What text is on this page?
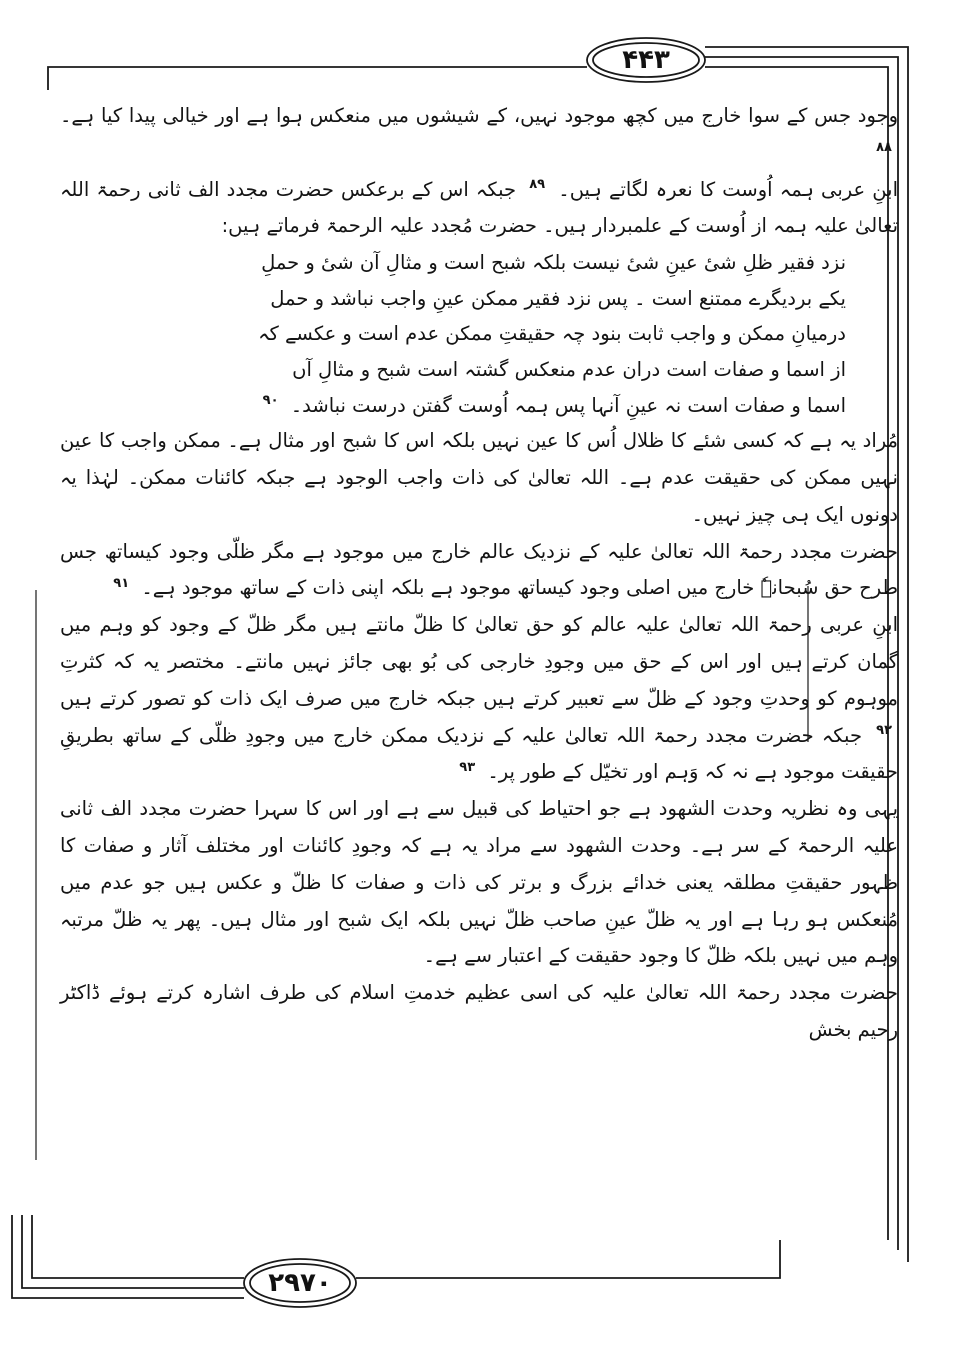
۴۴۳
۲۹۷۰

وجود جس کے سوا خارج میں کچھ موجود نہیں، کے شیشوں میں منعکس ہوا ہے اور خیالی پیدا کیا ہے۔ $^{۸۸}$

ابنِ عربی ہمہ اُوست کا نعرہ لگاتے ہیں۔ $^{۸۹}$ جبکہ اس کے برعکس حضرت مجدد الف ثانی رحمۃ اللہ تعالیٰ علیہ ہمہ از اُوست کے علمبردار ہیں۔ حضرت مُجدد علیہ الرحمۃ فرماتے ہیں:

نزد فقیر ظلِ شیٔ عینِ شیٔ نیست بلکہ شبح است و مثالِ آن شیٔ و حملِ

یکے بردیگرے ممتنع است ۔ پس نزد فقیر ممکن عینِ واجب نباشد و حمل

درمیانِ ممکن و واجب ثابت بنود چہ حقیقتِ ممکن عدم است و عکسے کہ

از اسما و صفات است دران عدم منعکس گشتہ است شبح و مثالِ آں

اسما و صفات است نہ عینِ آنہا پس ہمہ اُوست گفتن درست نباشد۔ $^{۹۰}$

مُراد یہ ہے کہ کسی شئے کا ظلال اُس کا عین نہیں بلکہ اس کا شبح اور مثال ہے۔ ممکن واجب کا عین نہیں ممکن کی حقیقت عدم ہے۔ اللہ تعالیٰ کی ذات واجب الوجود ہے جبکہ کائنات ممکن۔ لہٰذا یہ دونوں ایک ہی چیز نہیں۔

حضرت مجدد رحمۃ اللہ تعالیٰ علیہ کے نزدیک عالم خارج میں موجود ہے مگر ظلّی وجود کیساتھ جس طرح حق سُبحانہٗ خارج میں اصلی وجود کیساتھ موجود ہے بلکہ اپنی ذات کے ساتھ موجود ہے۔ $^{۹۱}$

ابنِ عربی رحمۃ اللہ تعالیٰ علیہ عالم کو حق تعالیٰ کا ظلّ مانتے ہیں مگر ظلّ کے وجود کو وہم میں گمان کرتے ہیں اور اس کے حق میں وجودِ خارجی کی بُو بھی جائز نہیں مانتے۔ مختصر یہ کہ کثرتِ موہوم کو وحدتِ وجود کے ظلّ سے تعبیر کرتے ہیں جبکہ خارج میں صرف ایک ذات کو تصور کرتے ہیں $^{۹۲}$ جبکہ حضرت مجدد رحمۃ اللہ تعالیٰ علیہ کے نزدیک ممکن خارج میں وجودِ ظلّی کے ساتھ بطریقِ حقیقت موجود ہے نہ کہ وَہم اور تخیّل کے طور پر۔ $^{۹۳}$

یہی وہ نظریہ وحدت الشھود ہے جو احتیاط کی قبیل سے ہے اور اس کا سہرا حضرت مجدد الف ثانی علیہ الرحمۃ کے سر ہے۔ وحدت الشھود سے مراد یہ ہے کہ وجودِ کائنات اور مختلف آثار و صفات کا ظہور حقیقتِ مطلقہ یعنی خدائے بزرگ و برتر کی ذات و صفات کا ظلّ و عکس ہیں جو عدم میں مُنعکس ہو رہا ہے اور یہ ظلّ عینِ صاحب ظلّ نہیں بلکہ ایک شبح اور مثال ہیں۔ پھر یہ ظلّ مرتبہ وہم میں نہیں بلکہ ظلّ کا وجود حقیقت کے اعتبار سے ہے۔

حضرت مجدد رحمۃ اللہ تعالیٰ علیہ کی اسی عظیم خدمتِ اسلام کی طرف اشارہ کرتے ہوئے ڈاکٹر رحیم بخش
